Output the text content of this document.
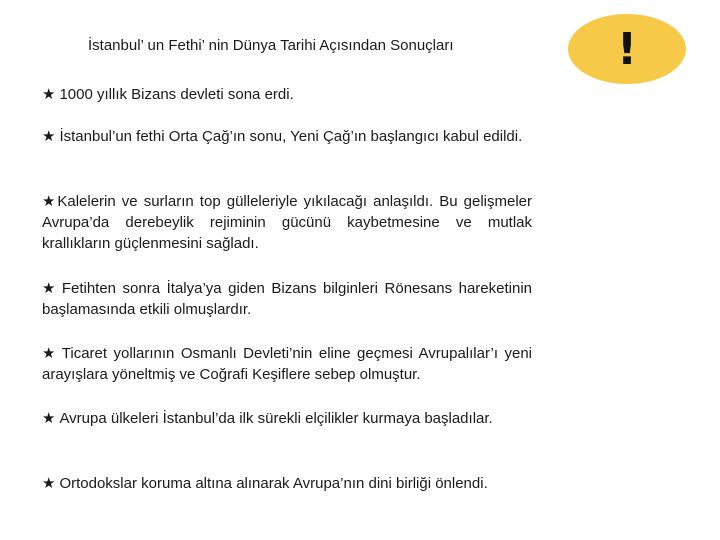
İstanbul’ un Fethi’ nin Dünya Tarihi Açısından Sonuçları	!
★ 1000 yıllık Bizans devleti sona erdi.
★ İstanbul’un fethi Orta Çağ’ın sonu, Yeni Çağ’ın başlangıcı kabul edildi.
★Kalelerin ve surların top gülleleriyle yıkılacağı anlaşıldı. Bu gelişmeler Avrupa’da derebeylik rejiminin gücünü kaybetmesine ve mutlak krallıkların güçlenmesini sağladı.
★ Fetihten sonra İtalya’ya giden Bizans bilginleri Rönesans hareketinin başlamasında etkili olmuşlardır.
★ Ticaret yollarının Osmanlı Devleti’nin eline geçmesi Avrupalılar’ı yeni arayışlara yöneltmiş ve Coğrafi Keşiflere sebep olmuştur.
★ Avrupa ülkeleri İstanbul’da ilk sürekli elçilikler kurmaya başladılar.
★ Ortodokslar koruma altına alınarak Avrupa’nın dini birliği önlendi.
